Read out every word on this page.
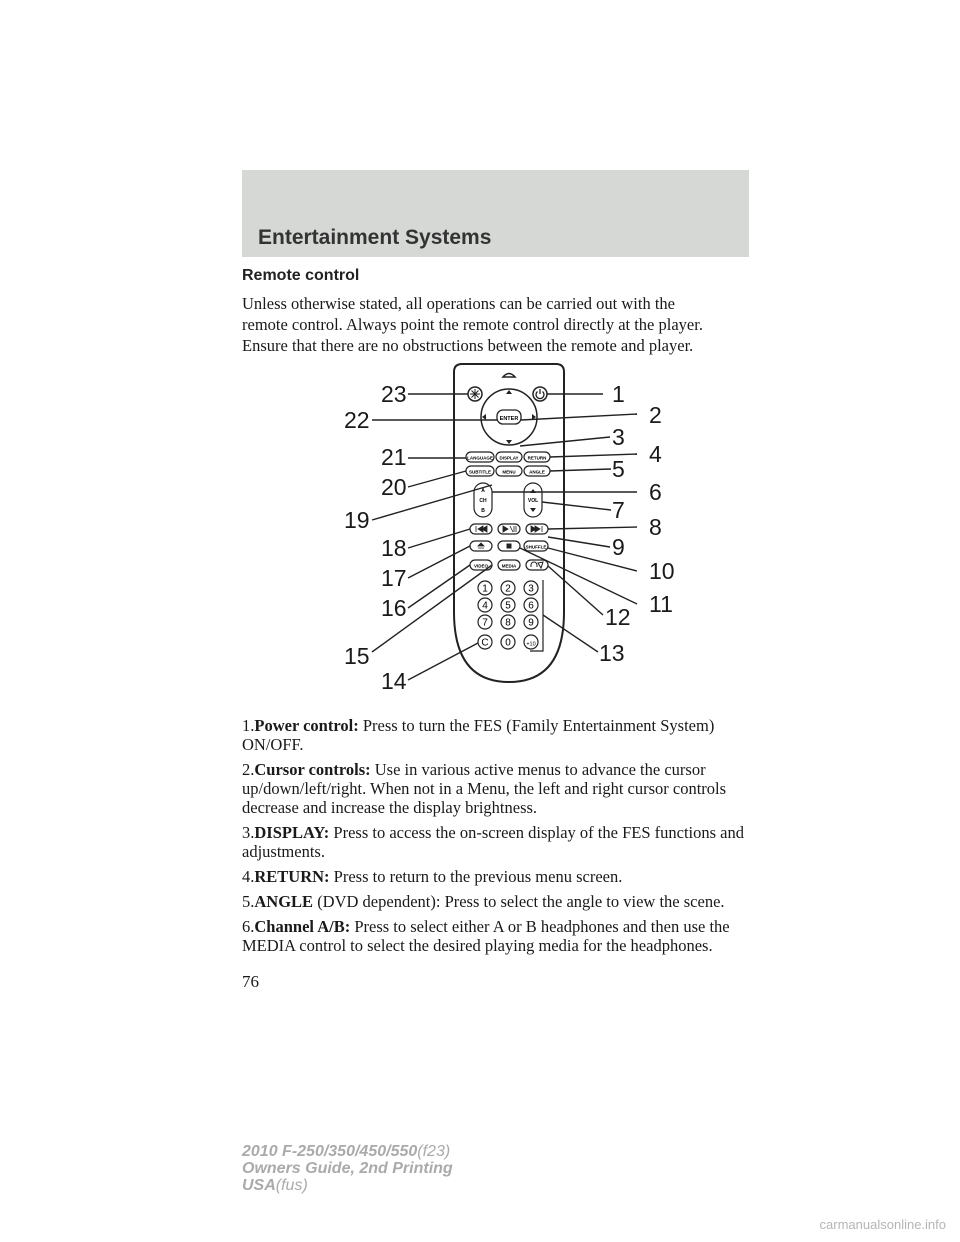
Entertainment Systems
Remote control

Unless otherwise stated, all operations can be carried out with the

remote control. Always point the remote control directly at the player.

Ensure that there are no obstructions between the remote and player.

ENTER
LANGUAGE DISPLAY RETURN
SUBTITLE	MENU	ANGLE
A
CH
B
VOL
SHUFFLE
VIDEO	MEDIA
1 2 3
4 5 6
7 8 9
C 0	+10
23	1
22	2
3
21	4
5
20	6
19	7
8
18	9
17	10
16	11
12
15	13
14

1.Power control: Press to turn the FES (Family Entertainment System) ON/OFF.

2.Cursor controls: Use in various active menus to advance the cursor up/down/left/right. When not in a Menu, the left and right cursor controls decrease and increase the display brightness.

3.DISPLAY: Press to access the on-screen display of the FES functions and adjustments.

4.RETURN: Press to return to the previous menu screen.

5.ANGLE (DVD dependent): Press to select the angle to view the scene.

6.Channel A/B: Press to select either A or B headphones and then use the MEDIA control to select the desired playing media for the headphones.

76
2010 F-250/350/450/550(f23)
Owners Guide, 2nd Printing
USA(fus)
carmanualsonline.info
